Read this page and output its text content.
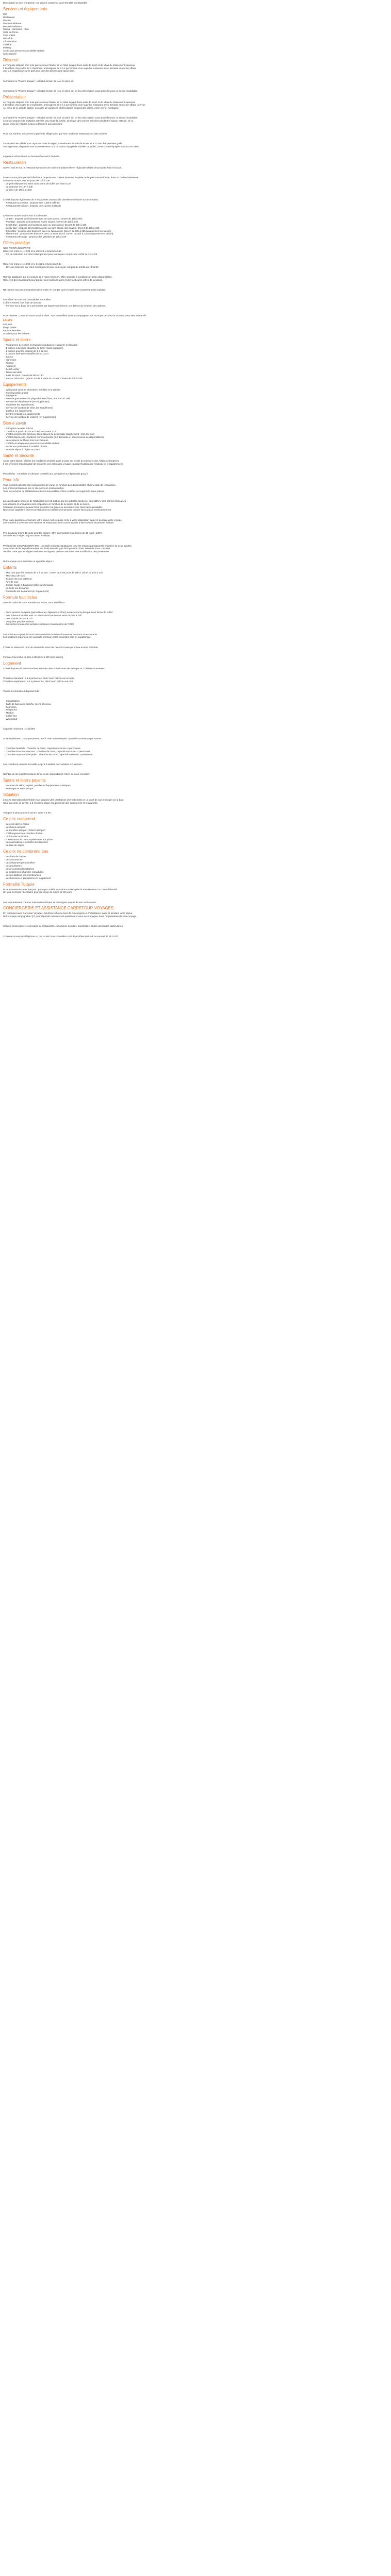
Description Ce prix comprend ; Ce prix ne comprend pas Formalité Consignable

Services et équipements
Wifi
Restaurant
Piscine
Piscine intérieure
Piscine extérieure
Sauna - Hammam - Spa
Salle de forme
Club enfant
Mini-club
Climatisation
Lit bébé
Parking
Accès aux personnes à mobilité réduite
Conciergerie
Résumé

Le Torquise dispose d'un mini-parc/avenue hôtelier et un hôtel équipé d'une salle de sport et de villas du lotissement spacieux

Il bénéficie d'un cadre de 3 chambres, aménagées de 2 à 4 personnes, d'un superbe restaurant avec terrasse et piscine offrant

une vue magnifique sur le golf ainsi que des dimensions spacieuses.

Surnommé le "Riviera basque", véritable terrain de jeux en plein air.

Surnommé le "Riviera basque", véritable terrain de jeux en plein air, ce lieu d'exception vous accueille pour un séjour inoubliable

Présentation

Le Torquise dispose d'un mini-parc/avenue hôtelier et un hôtel équipé d'une salle de sport et de villas du lotissement spacieux

Il bénéficie d'un cadre de 3 chambres, aménagées de 2 à 4 personnes, d'un superbe restaurant avec terrasse et piscine offrant une vue

Au cœur de la grande station, un cadre de vacances et d'exception au pied des pistes, entre mer et montagne.

Surnommé le "Riviera basque", véritable terrain de jeux en plein air, ce lieu d'exception vous accueille pour un séjour inoubliable

Le resort propose de multiples activités pour toute la famille, ainsi que des soirées animées pendant la saison estivale, et un

grand choix de villages locaux à découvrir aux alentours.

Pour vos soirées, découvrez la place du village ainsi que ses nombreux restaurants et bars animés.

La situation est idéale pour rayonner dans la région, à seulement 15 min de la mer et à 10 min des premiers golfs.

Les logements disposent tous d'une terrasse ou d'un balcon équipé de mobilier de jardin, d'une cuisine équipée et d'un coin salon.

Logement informations au bureau d'accueil à l'arrivée.

Restauration

Ouvert midi et soir, le restaurant propose une cuisine traditionnelle et régionale à base de produits frais et locaux.

Le restaurant principal de l'hôtel vous propose une cuisine inventive inspirée de la gastronomie locale, dans un cadre chaleureux.

Le bar est ouvert tous les jours de 10h à 23h.

- Le petit-déjeuner est servi sous forme de buffet de 7h30 à 10h

- Le déjeuner de 12h à 14h

- Le dîner de 19h à 21h30

L'hôtel dispose également de 2 restaurants ouverts à la clientèle extérieure sur réservation.

- Restaurant La Grotte : propose une cuisine raffinée

- Restaurant Erratique : propose une cuisine d'altitude

Le bar est ouvert midi et soir à la clientèle.

- Le Bar : propose des boissons avec ou sans alcool. Ouvert de 10h à 00h.

- Pool Bar : propose des boissons et des snacks. Ouvert de 10h à 19h.

- Beach Bar : propose des boissons avec ou sans alcool. Ouvert de 10h à 19h.

- Lobby Bar : propose des boissons avec ou sans alcool, des snacks. Ouvert de 10h à 19h.

- Disco Bar : propose des boissons avec ou sans alcool. Ouvert de 23h à 02h (uniquement en saison).

- Theatre Bar : propose des boissons avec ou sans alcool. Ouvert de 20h à 23h (uniquement en saison).

- Restaurant de plage : propose des grillades de 12h à 16h.

Offres privilège

NOS AVANTAGES PRIVÉ

Réservez entre le 1/12/24 et le 28/2/25 et bénéficiez de :

- 5% de réduction sur votre hébergement pour tout séjour compris du 1/4/25 au 14/11/25

Réservez entre le 1/12/24 et le 31/3/25 et bénéficiez de :

- 10% de réduction sur votre hébergement pour tout séjour compris du 1/4/25 au 14/11/25

Remise appliquée sur les séjours de 7 nuits minimum. Offre soumise à conditions et selon disponibilités.

Réservez dès maintenant pour profiter des meilleurs tarifs et des meilleures offres de la saison.

NB : Nous vous recommandons de prendre en compte que les tarifs sont exprimés à titre indicatif.

Les offres ne sont pas cumulables entre elles.

L'offre s'entend hors frais de dossier.

- Remise sur la base de 2 personnes par logement minimum, en dehors du forfait et des options.

Pour réserver, contactez notre service client : Nos conseillers vous accompagnent. Un acompte de 25% du montant vous sera demandé.

Loisirs

Les plus

Plage privée

Espace bien-être

Activités pour les enfants

Sports et loisirs

- Programme de sorties et d'activités nautiques et guidées en fonction

- 1 piscine extérieure chauffée de 12m² (sans toboggan)

- 1 piscine pour les enfants de 1 à 12 ans

- 1 piscine intérieure chauffée de 4 x 12 m

- Sauna

- Hammam

- Fitness

- Aquagym

- Beach volley

- Tennis de table

- Salle de sport. Ouvert de 08h à 19h.

- Sauna, hammam : gratuit. Accès à partir de 16 ans. Ouvert de 10h à 19h.

Équipements

- Wifi gratuit dans les chambres, le lobby et la piscine

- Parking public gratuit

- Bagagerie

- Navette gratuite vers la plage (horaires fixes, entre 9h et 18h)

- Service de blanchisserie (en supplément)

- Supérette (en supplément)

- Service de location de vélos (en supplément)

- Coiffeur (en supplément)

- Centre médical (en supplément)

- Service de location de voitures (en supplément)

Bien à savoir

- Réception ouverte 24h/24

- Check-in à partir de 15h et check-out avant 12h

- L'hôtel accueille les animaux domestiques de petite taille (supplément : 15€ par nuit)

- L'hôtel dispose de chambres communicantes (sur demande et sous réserve de disponibilités)

- Les espaces de l'hôtel sont non-fumeurs

- L'hôtel est adapté aux personnes à mobilité réduite

- Accès aux personnes à mobilité réduite

- Taxe de séjour à régler sur place

Santé et Sécurité

Avant votre départ, vérifiez les conditions d'entrée dans le pays sur le site du ministère des Affaires étrangères.

Il est vivement recommandé de souscrire une assurance voyage couvrant l'assistance médicale et le rapatriement.

Plus d'infos : consultez la rubrique Conseils aux voyageurs sur diplomatie.gouv.fr

Pour info

Tous les tarifs affichés sont susceptibles de varier en fonction des disponibilités et de la date de réservation.

Les photos présentées sur ce site sont non contractuelles.

Tous les services de l'établissement sont susceptibles d'être modifiés ou supprimés sans préavis.

La classification officielle de l'établissement est établie par les autorités locales et peut différer des normes françaises.

Les activités et animations sont proposées en fonction de la saison et de la météo.

Certaines prestations peuvent être payantes sur place ou nécessiter une réservation préalable.

Nous vous rappelons que les prestations non utilisées ne peuvent donner lieu à aucun remboursement.

Pour toute question concernant votre séjour, notre équipe reste à votre disposition avant et pendant votre voyage.

Les horaires d'ouverture des services et restaurants sont communiqués à titre indicatif et peuvent évoluer.

Prix Jusqu'au moins 10 jours avant le départ : 25% du montant total. Moins de 10 jours : 100%.

Le solde est à régler 30 jours avant le départ.

PRÉCISION COMPLÉMENTAIRE : Les tarifs enfants s'appliquent pour les enfants partageant la chambre de deux adultes.

Le nombre de lits supplémentaires est limité selon le type de logement choisi. Merci de nous consulter.

Veuillez noter que les règles sanitaires en vigueur peuvent entraîner une modification des prestations.

Notre équipe vous souhaite un agréable séjour !

Enfants

- Mini club pour les enfants de 4 à 12 ans : ouvert tous les jours de 10h à 12h et de 14h à 17h

- Mini-disco (le soir)

- Espace de jeux extérieur

- Aire de jeux

- Chaise haute et baignoire bébé sur demande

- Lit bébé sur demande

- Poussette sur demande (en supplément)

Formule tout inclus

Dans le cadre de notre formule tout inclus, vous bénéficiez :

- De la pension complète (petit déjeuner, déjeuner et dîner) au restaurant principal sous forme de buffet

- Des boissons locales avec ou sans alcool servies au verre de 10h à 23h

- Des snacks de 15h à 17h

- Du goûter pour les enfants

- De l'accès à toutes les activités sportives et animations de l'hôtel

Les boissons et produits sont servis selon les horaires d'ouverture des bars et restaurants.

Les boissons importées, les cocktails premium et les bouteilles sont en supplément.

L'hôtel se réserve le droit de refuser de servir de l'alcool à toute personne en état d'ébriété.

Formule tout inclus de 12h à 23h (12h à 22h hors saison).

Logement

L'hôtel dispose de 300 chambres réparties dans 5 bâtiments de 4 étages et 2 bâtiments annexes.

Chambre standard : 1 à 3 personnes, 25m² avec balcon ou terrasse.

Chambre supérieure : 1 à 4 personnes, 30m² avec balcon vue mer.

Toutes les chambres disposent de :

- Climatisation

- Salle de bain avec douche, sèche-cheveux

- Télévision

- Téléphone

- Minibar

- Coffre-fort

- Wifi gratuit

Capacité maximum : 4 adultes

Suite supérieure : 2 à 5 personnes, 45m², avec salon séparé, capacité maximum 5 personnes.

- Chambre familiale : chambre de 38m², capacité maximum 4 personnes.

- Chambre standard vue mer : chambre de 25m², capacité maximum 3 personnes.

- Chambre standard côté jardin : chambre de 25m², capacité maximum 3 personnes.

Les chambres peuvent accueillir jusqu'à 3 adultes ou 2 adultes et 2 enfants.

Nombre de lits supplémentaires limité selon disponibilités. Merci de nous consulter.

Sports et loisirs payants

- Location de vélos, kayaks, paddles et équipements nautiques

- Massages et soins au spa

Situation

L'accès international de l'hôtel vous propose des prestations internationales et un point de vue privilégié sur la baie.

Situé au cœur de la ville, à 5 min de la plage et à proximité des commerces et restaurants.

Aéroport le plus proche à 25 km. Gare à 8 km.

Ce prix comprend

- Les vols aller et retour

- Les taxes aéroport

- Le transfert aéroport / hôtel / aéroport

- L'hébergement en chambre double

- La formule tout inclus

- L'assistance de notre représentant sur place

- Les animations et activités mentionnées

- La taxe de séjour

Ce prix ne comprend pas

- Les frais de dossier

- Les assurances

- Les dépenses personnelles

- Les pourboires

- Les excursions facultatives

- Le supplément chambre individuelle

- Les prestations non mentionnées

- Les boissons et prestations en supplément

Formalité Turquie

Pour les ressortissants français : passeport valide au moins 6 mois après la date de retour ou carte d'identité.

Un visa n'est pas nécessaire pour un séjour de moins de 90 jours.

Les ressortissants d'autres nationalités doivent se renseigner auprès de leur ambassade.

CONCIERGERIE ET ASSISTANCE CARREFOUR VOYAGES

En réservant avec Carrefour Voyages, bénéficiez d'un service de conciergerie et d'assistance avant et pendant votre séjour.

Notre équipe est joignable 7j/7 pour répondre à toutes vos questions et vous accompagner dans l'organisation de votre voyage.

Service conciergerie : réservation de restaurants, excursions, activités, transferts et toutes demandes particulières.

Contactez-nous par téléphone ou par e-mail. Nos conseillers sont disponibles du lundi au samedi de 9h à 20h.
